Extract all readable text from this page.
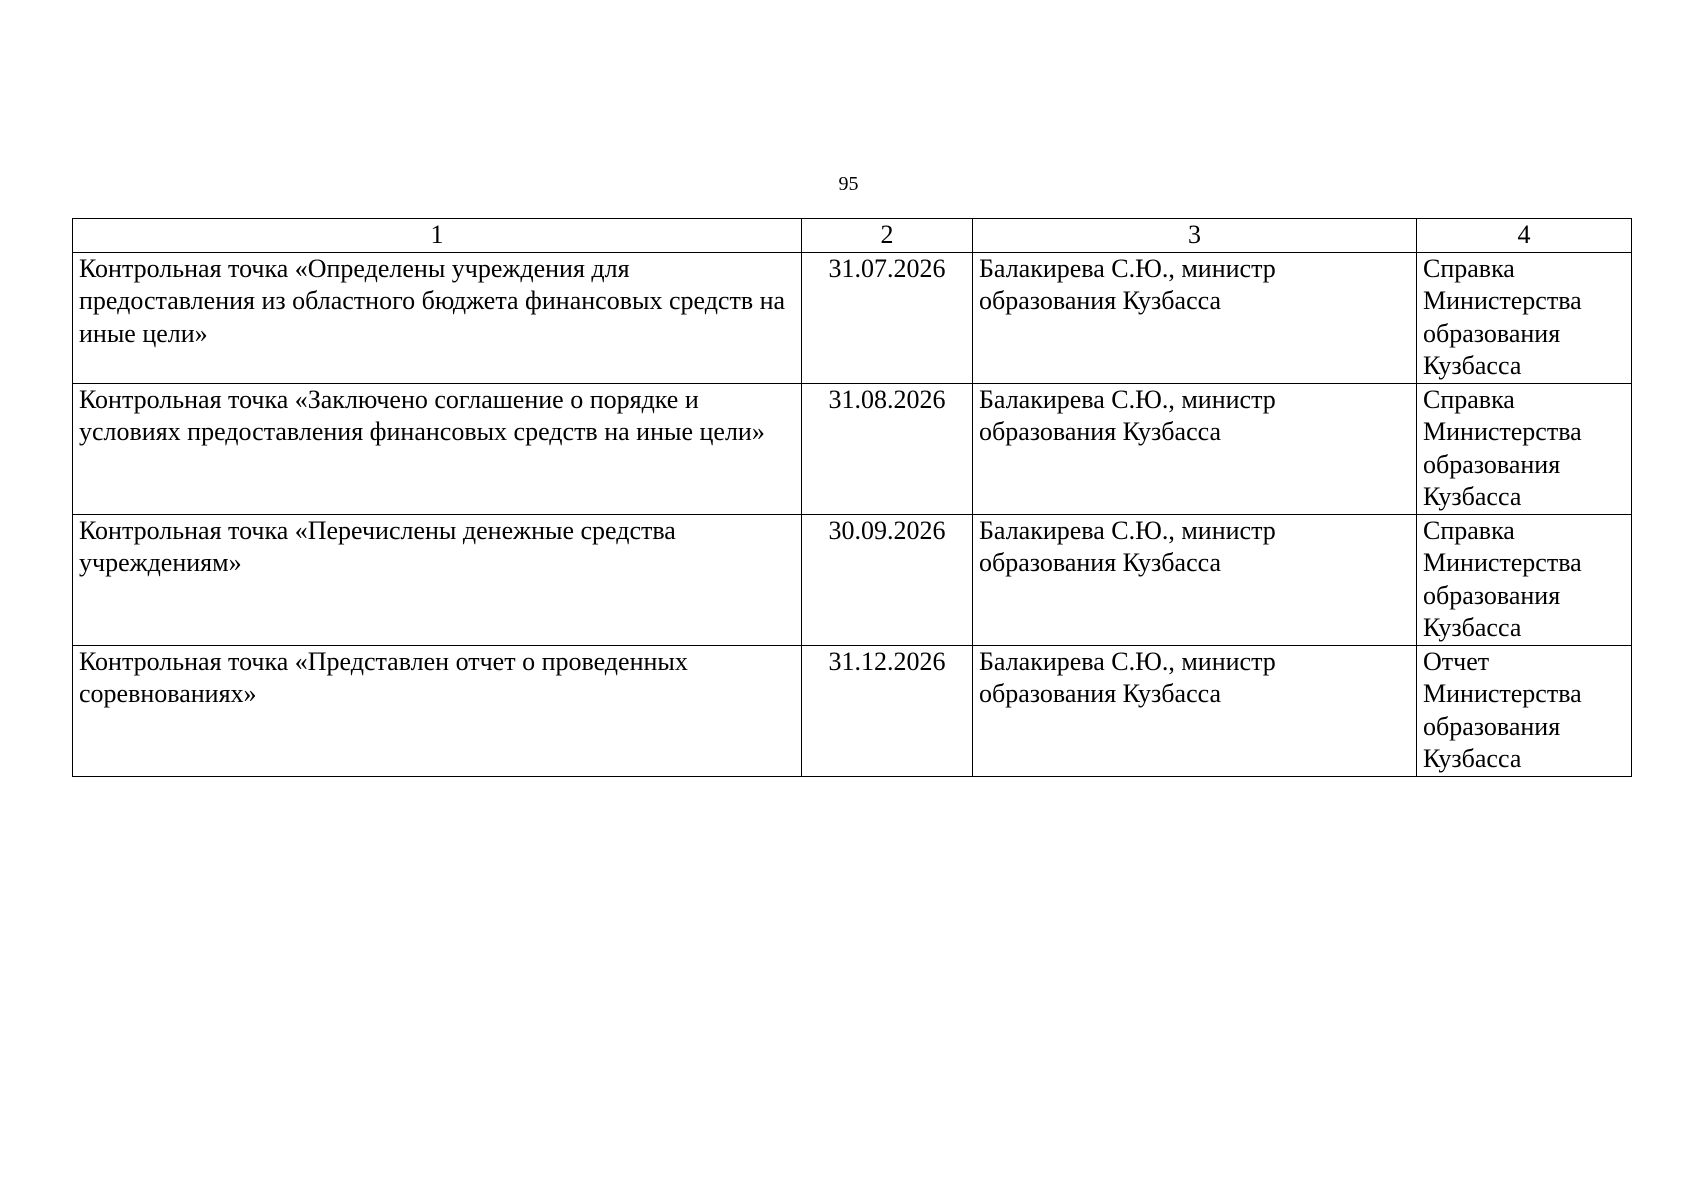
95
1	2	3	4
Контрольная точка «Определены учреждения для предоставления из областного бюджета финансовых средств на иные цели»	31.07.2026	Балакирева С.Ю., министр образования Кузбасса	Справка Министерства образования Кузбасса
Контрольная точка «Заключено соглашение о порядке и условиях предоставления финансовых средств на иные цели»	31.08.2026	Балакирева С.Ю., министр образования Кузбасса	Справка Министерства образования Кузбасса
Контрольная точка «Перечислены денежные средства учреждениям»	30.09.2026	Балакирева С.Ю., министр образования Кузбасса	Справка Министерства образования Кузбасса
Контрольная точка «Представлен отчет о проведенных соревнованиях»	31.12.2026	Балакирева С.Ю., министр образования Кузбасса	Отчет Министерства образования Кузбасса
